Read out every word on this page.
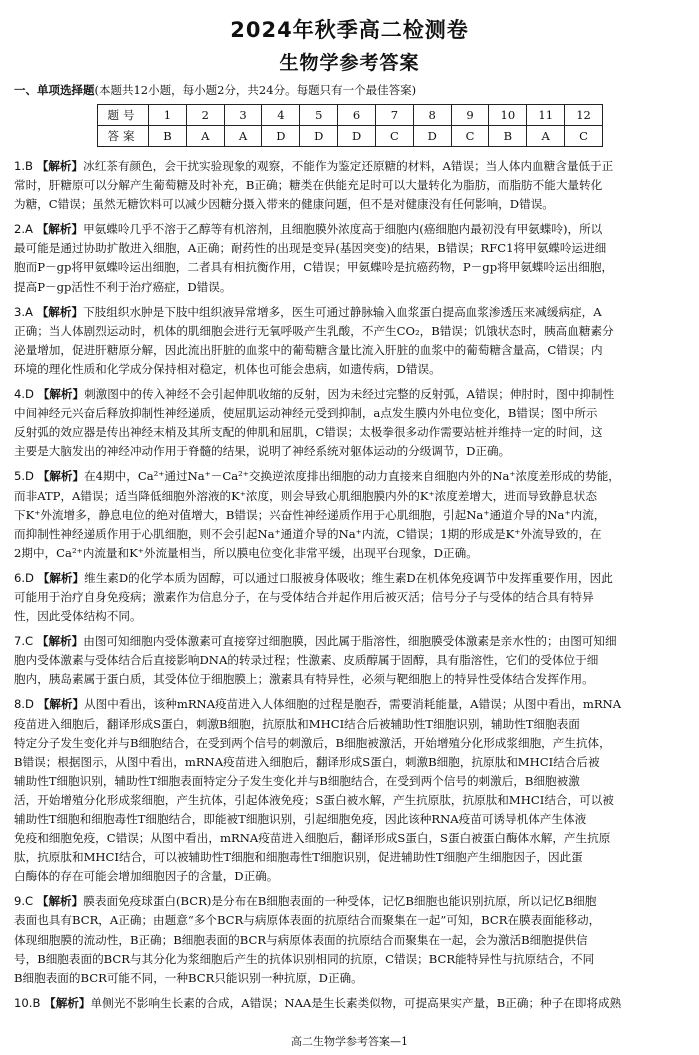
2024年秋季高二检测卷
生物学参考答案
一、单项选择题(本题共12小题，每小题2分，共24分。每题只有一个最佳答案)
题号	1	2	3	4	5	6	7	8	9	10	11	12
答案	B	A	A	D	D	D	C	D	C	B	A	C
1.B 【解析】冰红茶有颜色，会干扰实验现象的观察，不能作为鉴定还原糖的材料，A错误；当人体内血糖含量低于正
常时，肝糖原可以分解产生葡萄糖及时补充，B正确；糖类在供能充足时可以大量转化为脂肪，而脂肪不能大量转化
为糖，C错误；虽然无糖饮料可以减少因糖分摄入带来的健康问题，但不是对健康没有任何影响，D错误。
2.A 【解析】甲氨蝶呤几乎不溶于乙醇等有机溶剂，且细胞膜外浓度高于细胞内(癌细胞内最初没有甲氨蝶呤)，所以
最可能是通过协助扩散进入细胞，A正确；耐药性的出现是变异(基因突变)的结果，B错误；RFC1将甲氨蝶呤运进细
胞而P－gp将甲氨蝶呤运出细胞，二者具有相抗衡作用，C错误；甲氨蝶呤是抗癌药物，P－gp将甲氨蝶呤运出细胞，
提高P－gp活性不利于治疗癌症，D错误。
3.A 【解析】下肢组织水肿是下肢中组织液异常增多，医生可通过静脉输入血浆蛋白提高血浆渗透压来减缓病症，A
正确；当人体剧烈运动时，机体的肌细胞会进行无氧呼吸产生乳酸，不产生CO₂，B错误；饥饿状态时，胰高血糖素分
泌量增加，促进肝糖原分解，因此流出肝脏的血浆中的葡萄糖含量比流入肝脏的血浆中的葡萄糖含量高，C错误；内
环境的理化性质和化学成分保持相对稳定，机体也可能会患病，如遗传病，D错误。
4.D 【解析】刺激图中的传入神经不会引起伸肌收缩的反射，因为未经过完整的反射弧，A错误；伸肘时，图中抑制性
中间神经元兴奋后释放抑制性神经递质，使屈肌运动神经元受到抑制，a点发生膜内外电位变化，B错误；图中所示
反射弧的效应器是传出神经末梢及其所支配的伸肌和屈肌，C错误；太极拳很多动作需要站桩并维持一定的时间，这
主要是大脑发出的神经冲动作用于脊髓的结果，说明了神经系统对躯体运动的分级调节，D正确。
5.D 【解析】在4期中，Ca²⁺通过Na⁺－Ca²⁺交换逆浓度排出细胞的动力直接来自细胞内外的Na⁺浓度差形成的势能，
而非ATP，A错误；适当降低细胞外溶液的K⁺浓度，则会导致心肌细胞膜内外的K⁺浓度差增大，进而导致静息状态
下K⁺外流增多，静息电位的绝对值增大，B错误；兴奋性神经递质作用于心肌细胞，引起Na⁺通道介导的Na⁺内流，
而抑制性神经递质作用于心肌细胞，则不会引起Na⁺通道介导的Na⁺内流，C错误；1期的形成是K⁺外流导致的，在
2期中，Ca²⁺内流量和K⁺外流量相当，所以膜电位变化非常平缓，出现平台现象，D正确。
6.D 【解析】维生素D的化学本质为固醇，可以通过口服被身体吸收；维生素D在机体免疫调节中发挥重要作用，因此
可能用于治疗自身免疫病；激素作为信息分子，在与受体结合并起作用后被灭活；信号分子与受体的结合具有特异
性，因此受体结构不同。
7.C 【解析】由图可知细胞内受体激素可直接穿过细胞膜，因此属于脂溶性，细胞膜受体激素是亲水性的；由图可知细
胞内受体激素与受体结合后直接影响DNA的转录过程；性激素、皮质醇属于固醇，具有脂溶性，它们的受体位于细
胞内，胰岛素属于蛋白质，其受体位于细胞膜上；激素具有特异性，必须与靶细胞上的特异性受体结合发挥作用。
8.D 【解析】从图中看出，该种mRNA疫苗进入人体细胞的过程是胞吞，需要消耗能量，A错误；从图中看出，mRNA
疫苗进入细胞后，翻译形成S蛋白，刺激B细胞，抗原肽和MHCⅠ结合后被辅助性T细胞识别，辅助性T细胞表面
特定分子发生变化并与B细胞结合，在受到两个信号的刺激后，B细胞被激活，开始增殖分化形成浆细胞，产生抗体，
B错误；根据图示，从图中看出，mRNA疫苗进入细胞后，翻译形成S蛋白，刺激B细胞，抗原肽和MHCⅠ结合后被
辅助性T细胞识别，辅助性T细胞表面特定分子发生变化并与B细胞结合，在受到两个信号的刺激后，B细胞被激
活，开始增殖分化形成浆细胞，产生抗体，引起体液免疫；S蛋白被水解，产生抗原肽，抗原肽和MHCⅠ结合，可以被
辅助性T细胞和细胞毒性T细胞结合，即能被T细胞识别，引起细胞免疫，因此该种RNA疫苗可诱导机体产生体液
免疫和细胞免疫，C错误；从图中看出，mRNA疫苗进入细胞后，翻译形成S蛋白，S蛋白被蛋白酶体水解，产生抗原
肽，抗原肽和MHCⅠ结合，可以被辅助性T细胞和细胞毒性T细胞识别，促进辅助性T细胞产生细胞因子，因此蛋
白酶体的存在可能会增加细胞因子的含量，D正确。
9.C 【解析】膜表面免疫球蛋白(BCR)是分布在B细胞表面的一种受体，记忆B细胞也能识别抗原，所以记忆B细胞
表面也具有BCR，A正确；由题意“多个BCR与病原体表面的抗原结合而聚集在一起”可知，BCR在膜表面能移动，
体现细胞膜的流动性，B正确；B细胞表面的BCR与病原体表面的抗原结合而聚集在一起，会为激活B细胞提供信
号，B细胞表面的BCR与其分化为浆细胞后产生的抗体识别相同的抗原，C错误；BCR能特异性与抗原结合，不同
B细胞表面的BCR可能不同，一种BCR只能识别一种抗原，D正确。
10.B 【解析】单侧光不影响生长素的合成，A错误；NAA是生长素类似物，可提高果实产量，B正确；种子在即将成熟
高二生物学参考答案—1
